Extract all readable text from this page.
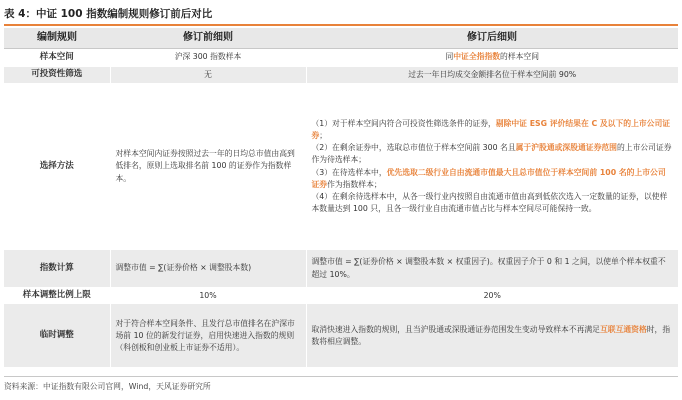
表 4：中证 100 指数编制规则修订前后对比
编制规则	修订前细则	修订后细则
样本空间	沪深 300 指数样本	同中证全指指数的样本空间
可投资性筛选	无	过去一年日均成交金额排名位于样本空间前 90%
选择方法	对样本空间内证券按照过去一年的日均总市值由高到低排名，原则上选取排名前 100 的证券作为指数样本。	（1）对于样本空间内符合可投资性筛选条件的证券，剔除中证 ESG 评价结果在 C 及以下的上市公司证券；
（2）在剩余证券中，选取总市值位于样本空间前 300 名且属于沪股通或深股通证券范围的上市公司证券作为待选样本；
（3）在待选样本中，优先选取二级行业自由流通市值最大且总市值位于样本空间前 100 名的上市公司证券作为指数样本；
（4）在剩余待选样本中，从各一级行业内按照自由流通市值由高到低依次选入一定数量的证券，以使样本数量达到 100 只，且各一级行业自由流通市值占比与样本空间尽可能保持一致。

指数计算	调整市值 = ∑(证券价格 × 调整股本数)	调整市值 = ∑(证券价格 × 调整股本数 × 权重因子)。权重因子介于 0 和 1 之间，以使单个样本权重不超过 10%。
样本调整比例上限	10%	20%
临时调整	对于符合样本空间条件、且发行总市值排名在沪深市场前 10 位的新发行证券，启用快速进入指数的规则（科创板和创业板上市证券不适用）。	取消快速进入指数的规则，且当沪股通或深股通证券范围发生变动导致样本不再满足互联互通资格时，指数将相应调整。
资料来源：中证指数有限公司官网，Wind，天风证券研究所
